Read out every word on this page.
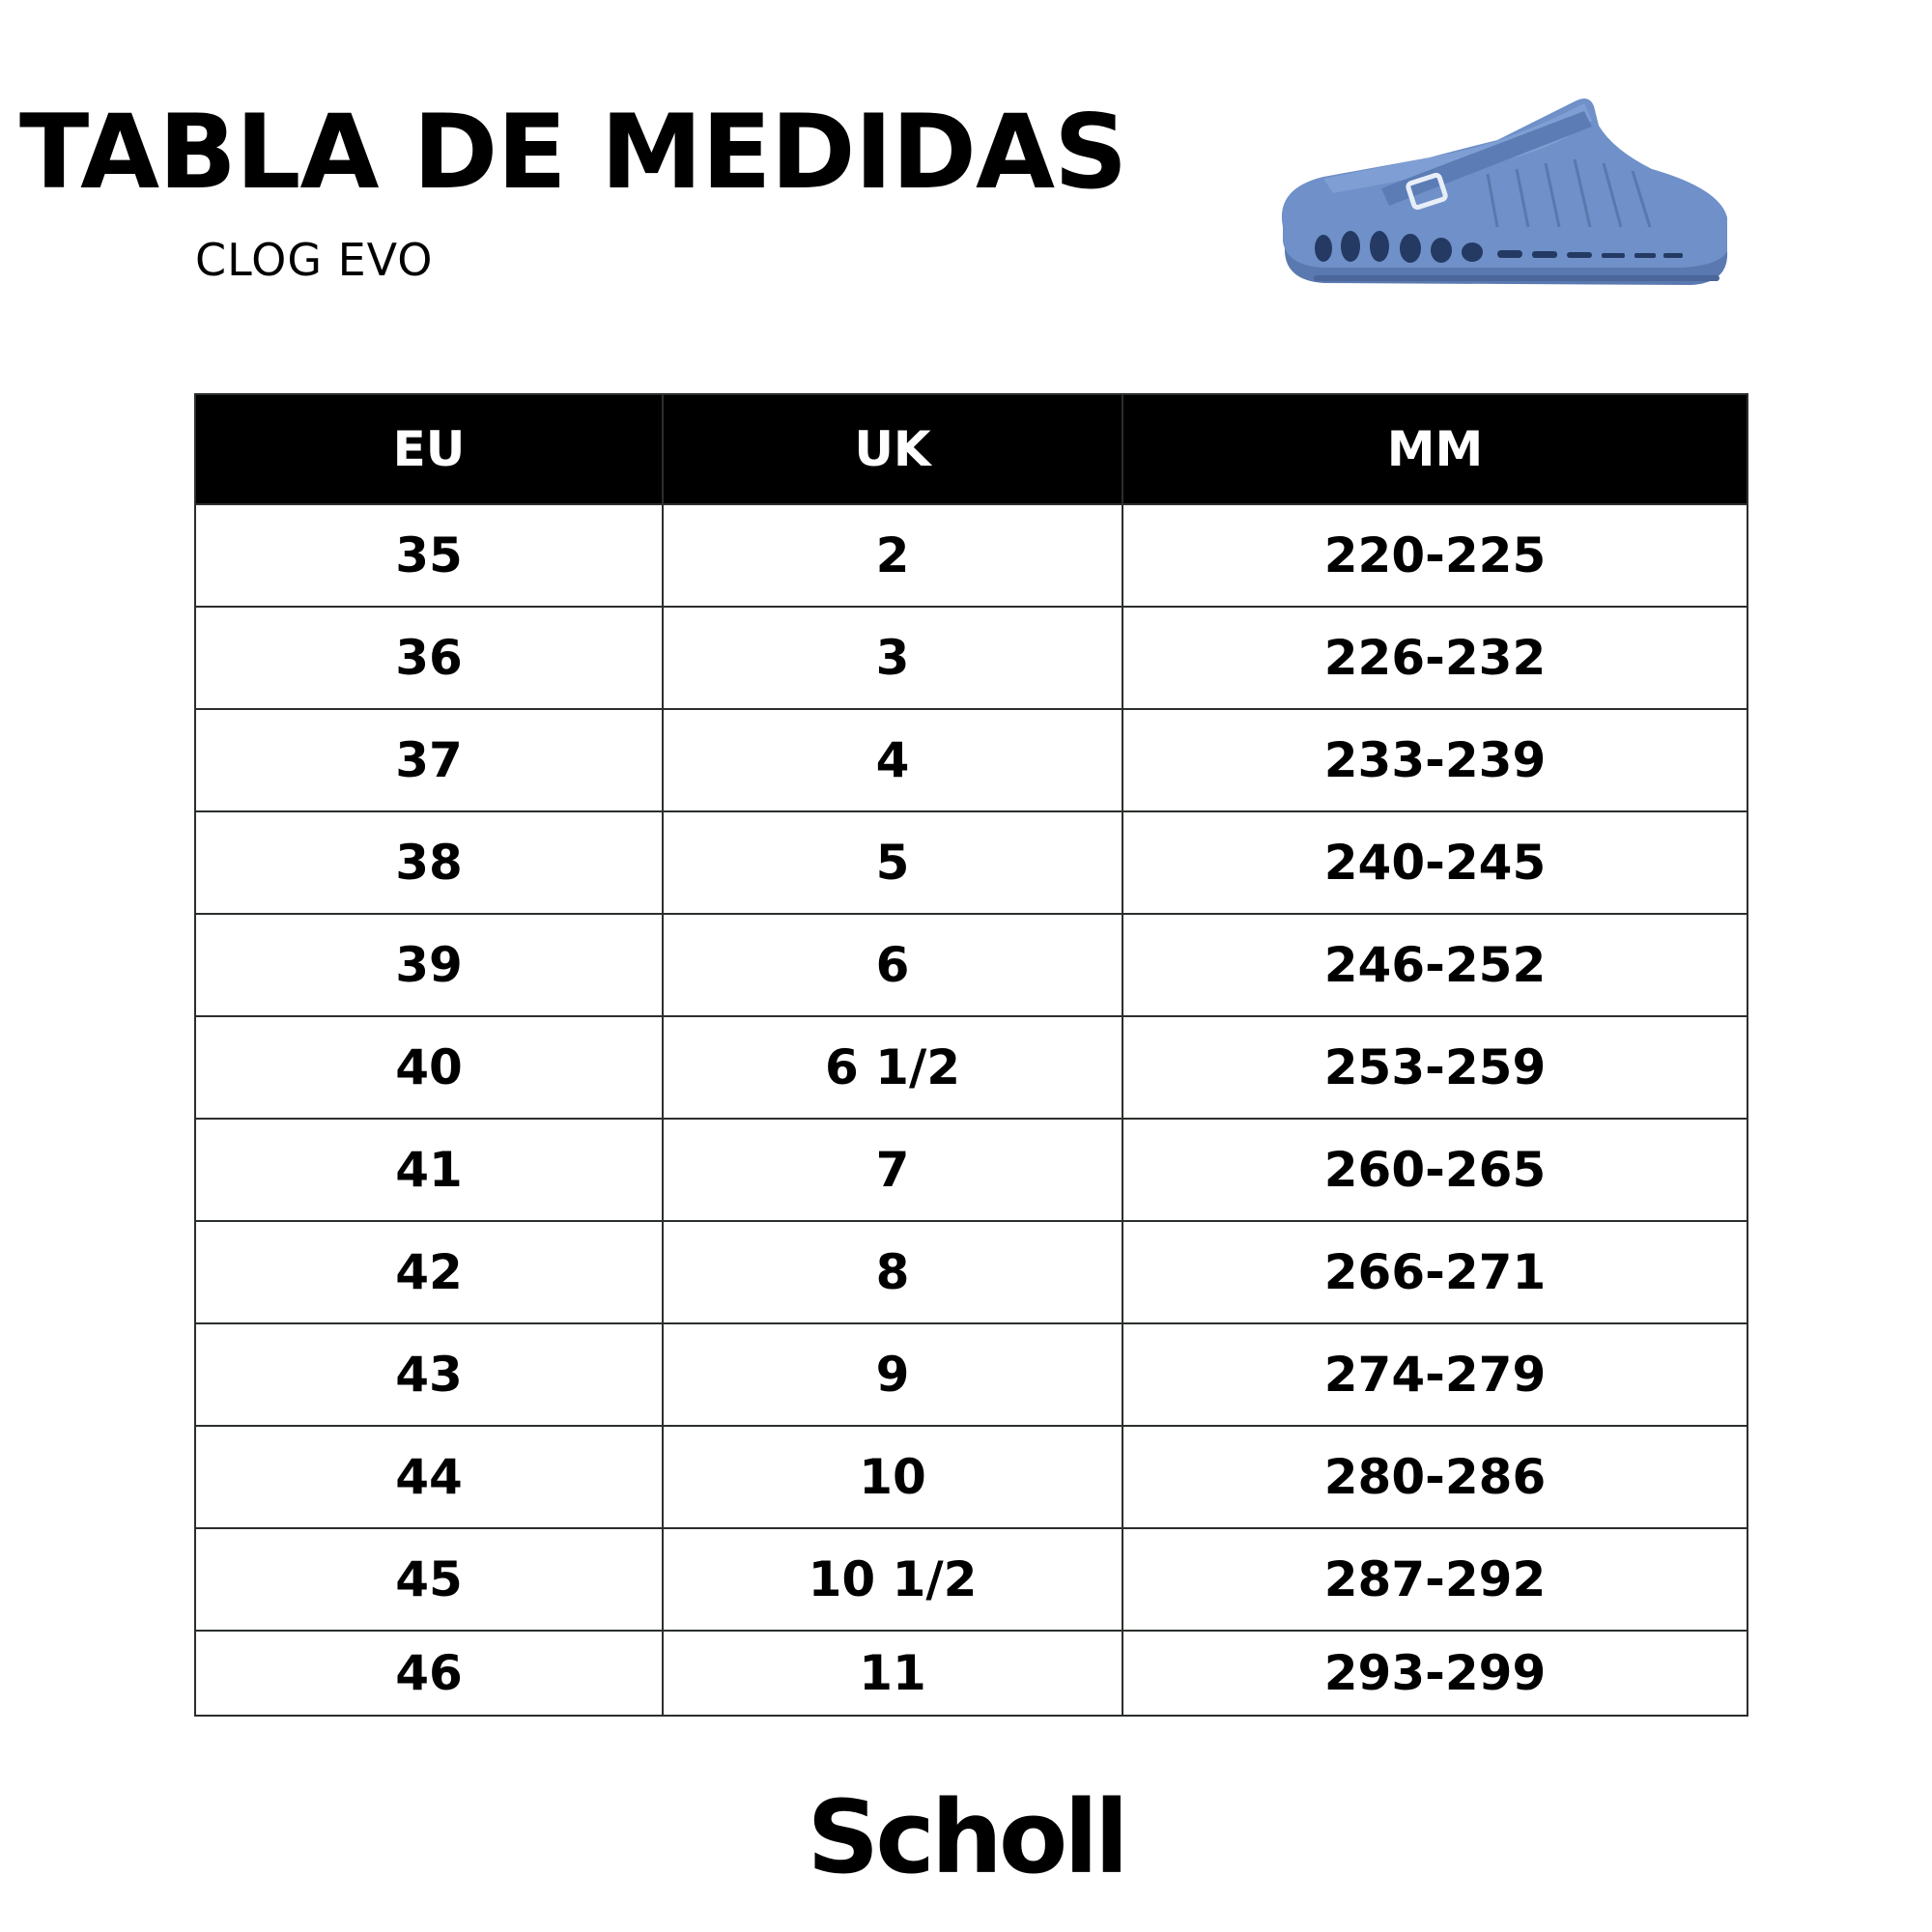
TABLA DE MEDIDAS
CLOG EVO
EU	UK	MM
35	2	220-225
36	3	226-232
37	4	233-239
38	5	240-245
39	6	246-252
40	6 1/2	253-259
41	7	260-265
42	8	266-271
43	9	274-279
44	10	280-286
45	10 1/2	287-292
46	11	293-299
Scholl
